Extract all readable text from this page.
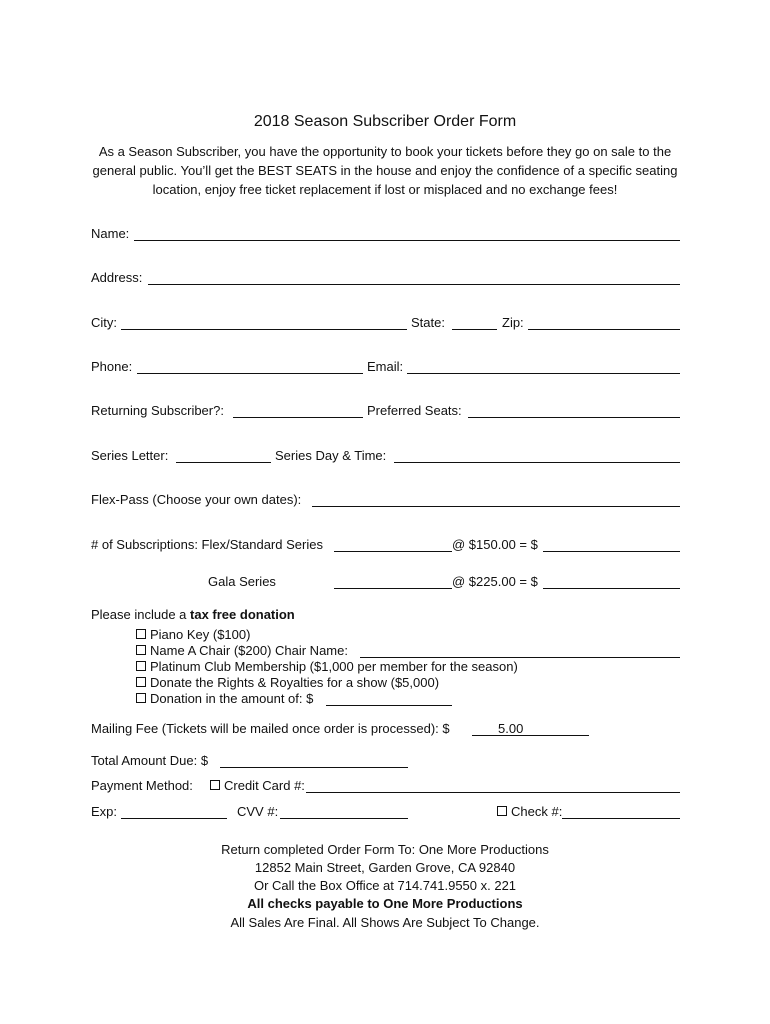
2018 Season Subscriber Order Form
As a Season Subscriber, you have the opportunity to book your tickets before they go on sale to the general public. You’ll get the BEST SEATS in the house and enjoy the confidence of a specific seating location, enjoy free ticket replacement if lost or misplaced and no exchange fees!
Name:
Address:
City:	State:	Zip:
Phone:	Email:
Returning Subscriber?:	Preferred Seats:
Series Letter:	Series Day & Time:
Flex-Pass (Choose your own dates):
# of Subscriptions: Flex/Standard Series	@ $150.00 = $
Gala Series	@ $225.00 = $
Please include a tax free donation
Piano Key ($100)
Name A Chair ($200) Chair Name:
Platinum Club Membership ($1,000 per member for the season)
Donate the Rights & Royalties for a show ($5,000)
Donation in the amount of: $
Mailing Fee (Tickets will be mailed once order is processed): $	5.00
Total Amount Due: $
Payment Method:	Credit Card #:
Exp:	CVV #:	Check #:
Return completed Order Form To: One More Productions
12852 Main Street, Garden Grove, CA 92840
Or Call the Box Office at 714.741.9550 x. 221
All checks payable to One More Productions
All Sales Are Final. All Shows Are Subject To Change.
